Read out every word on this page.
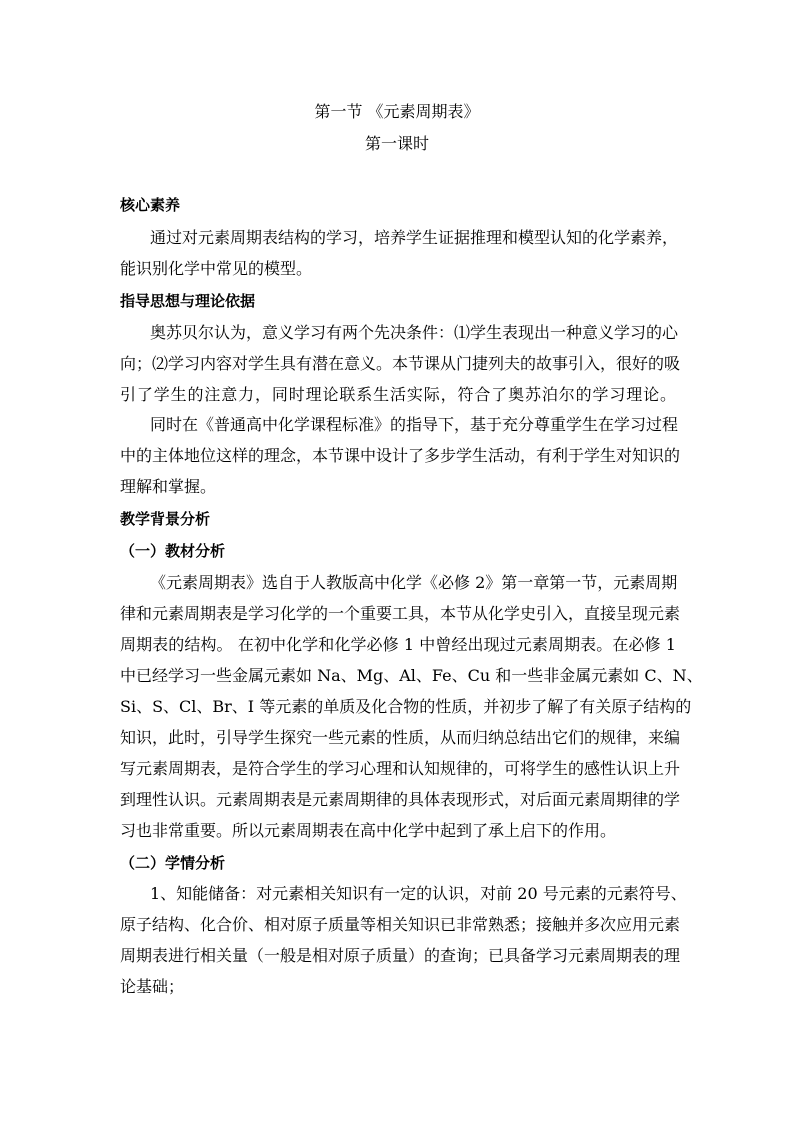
第一节 《元素周期表》
第一课时
核心素养
通过对元素周期表结构的学习，培养学生证据推理和模型认知的化学素养，
能识别化学中常见的模型。
指导思想与理论依据
奥苏贝尔认为，意义学习有两个先决条件：⑴学生表现出一种意义学习的心
向；⑵学习内容对学生具有潜在意义。本节课从门捷列夫的故事引入，很好的吸
引了学生的注意力，同时理论联系生活实际，符合了奥苏泊尔的学习理论。
同时在《普通高中化学课程标准》的指导下，基于充分尊重学生在学习过程
中的主体地位这样的理念，本节课中设计了多步学生活动，有利于学生对知识的
理解和掌握。
教学背景分析
（一）教材分析
《元素周期表》选自于人教版高中化学《必修 2》第一章第一节，元素周期
律和元素周期表是学习化学的一个重要工具，本节从化学史引入，直接呈现元素
周期表的结构。 在初中化学和化学必修 1 中曾经出现过元素周期表。在必修 1
中已经学习一些金属元素如 Na、Mg、Al、Fe、Cu 和一些非金属元素如 C、N、
Si、S、Cl、Br、I 等元素的单质及化合物的性质，并初步了解了有关原子结构的
知识，此时，引导学生探究一些元素的性质，从而归纳总结出它们的规律，来编
写元素周期表，是符合学生的学习心理和认知规律的，可将学生的感性认识上升
到理性认识。元素周期表是元素周期律的具体表现形式，对后面元素周期律的学
习也非常重要。所以元素周期表在高中化学中起到了承上启下的作用。
（二）学情分析
1、知能储备：对元素相关知识有一定的认识，对前 20 号元素的元素符号、
原子结构、化合价、相对原子质量等相关知识已非常熟悉；接触并多次应用元素
周期表进行相关量（一般是相对原子质量）的查询；已具备学习元素周期表的理
论基础；
